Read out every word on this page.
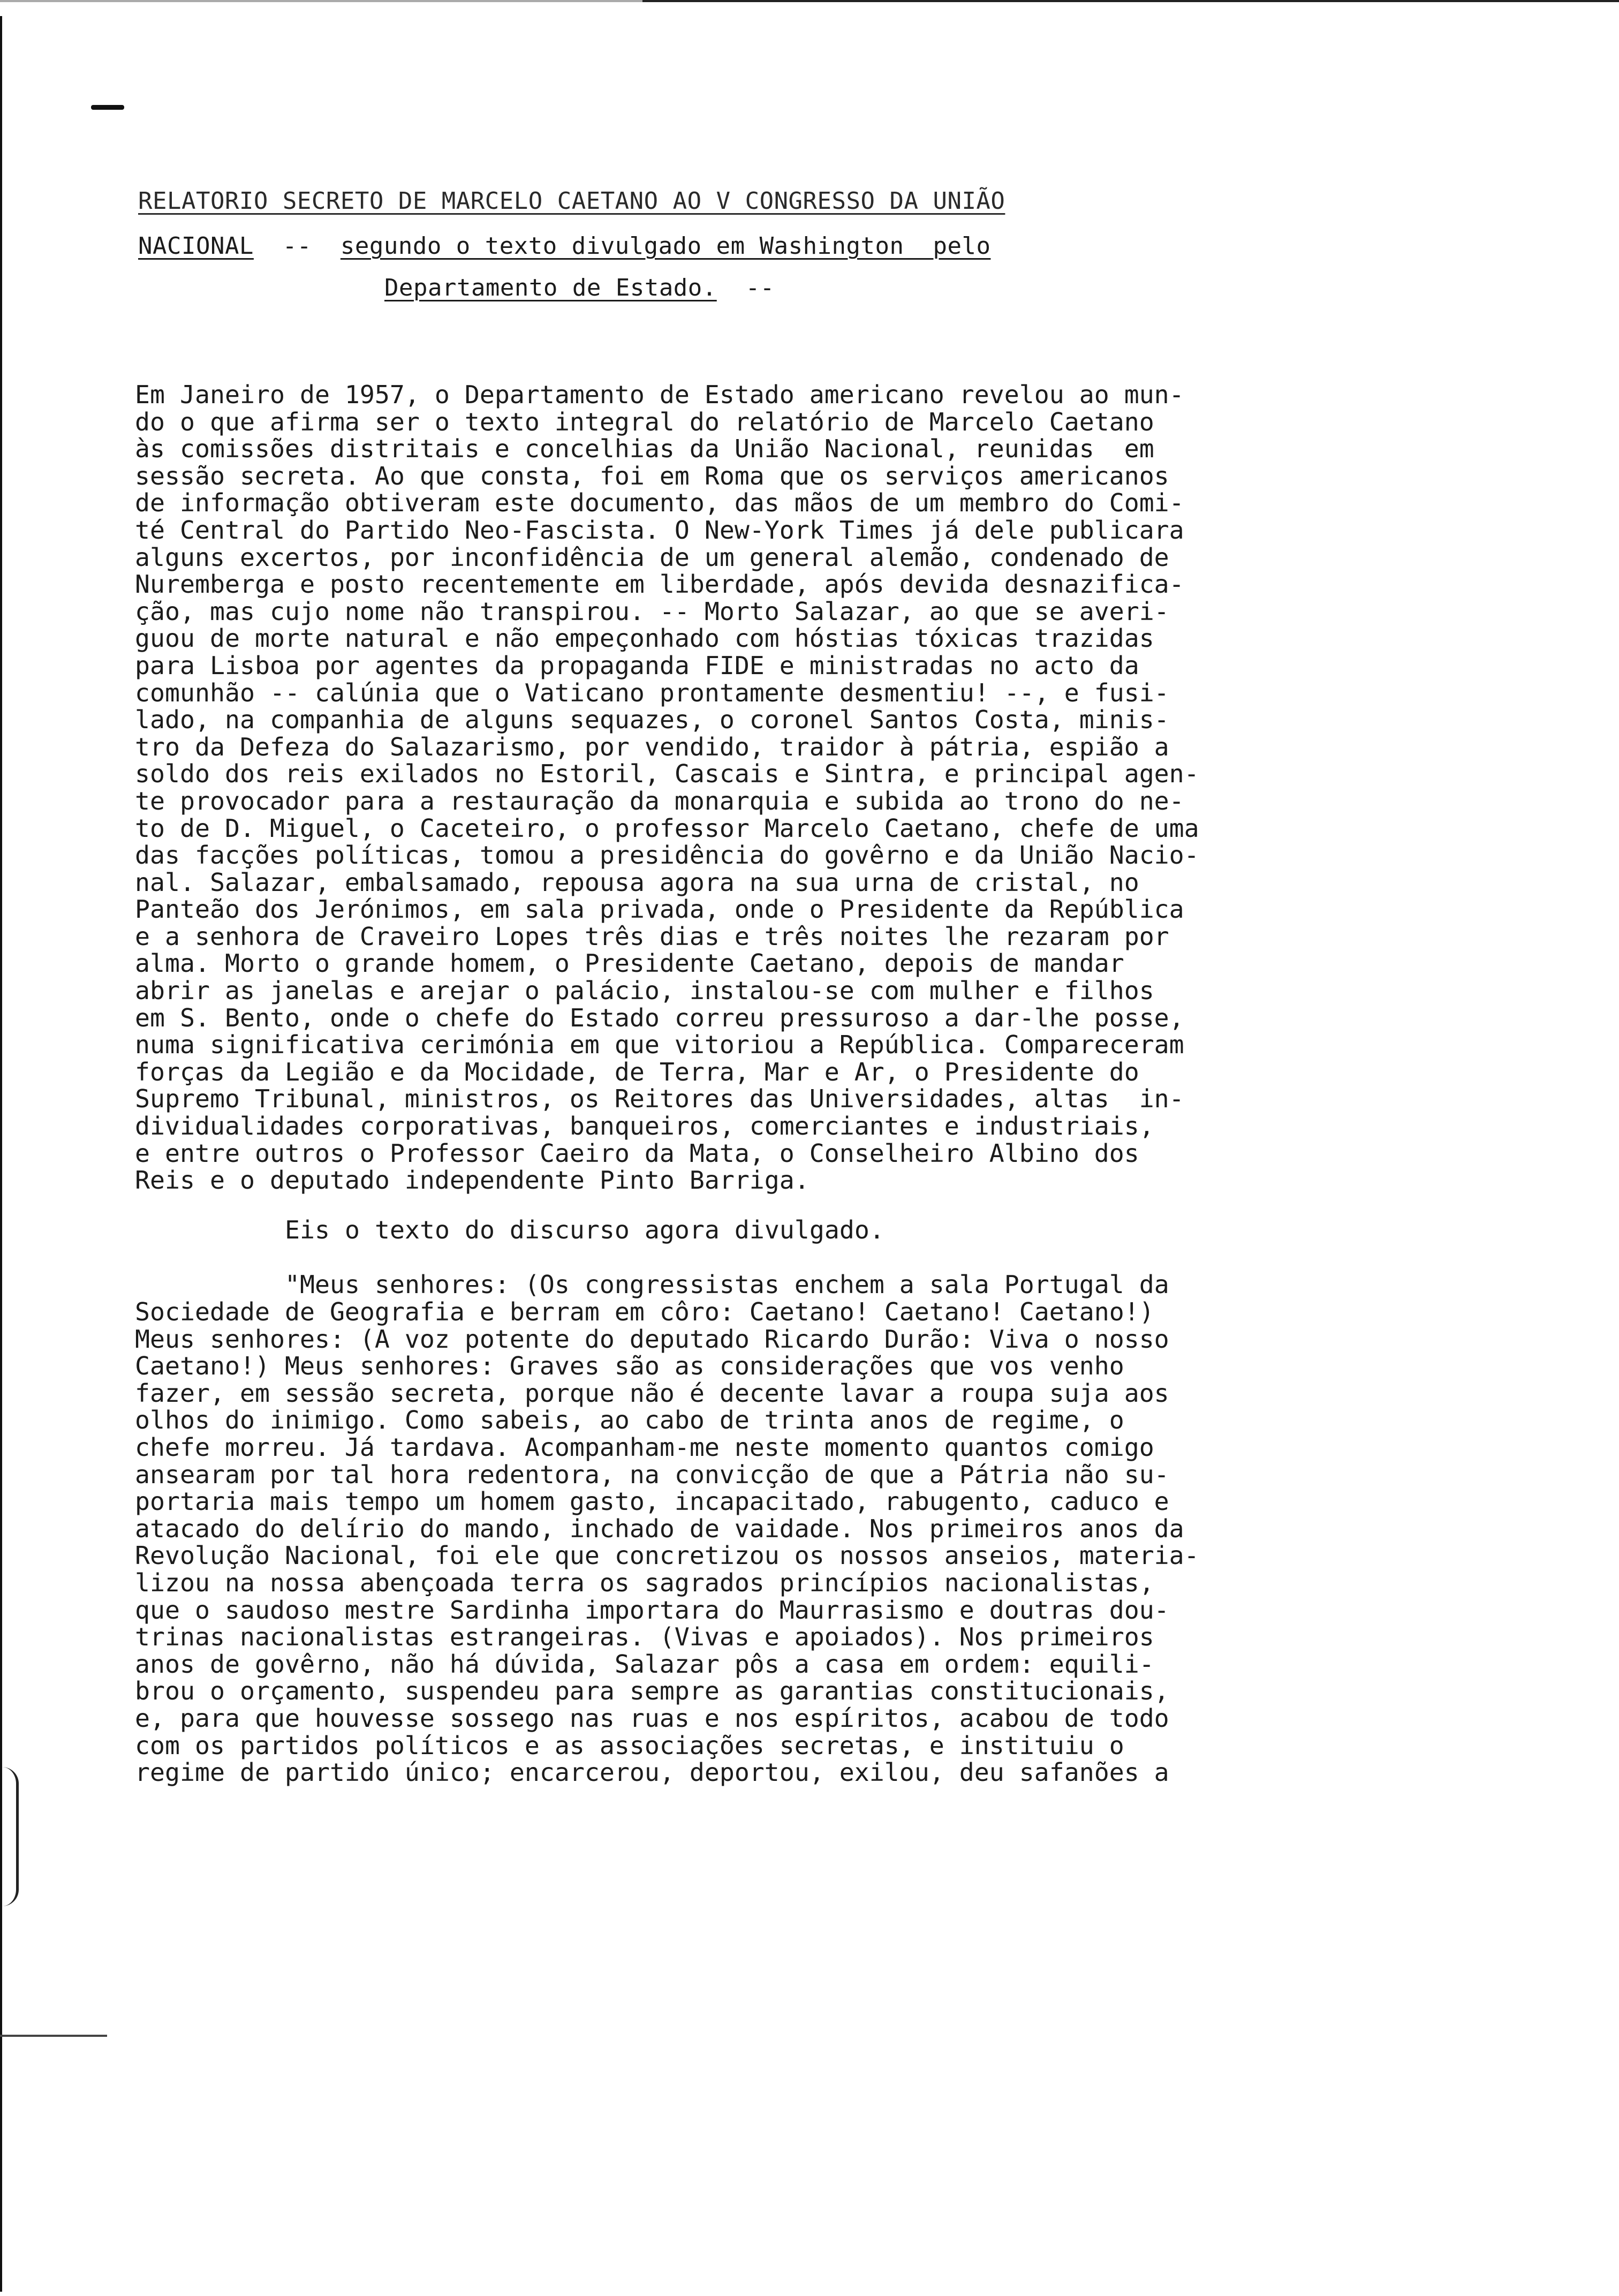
RELATORIO SECRETO DE MARCELO CAETANO AO V CONGRESSO DA UNIÃO
NACIONAL -- segundo o texto divulgado em Washington  pelo
Departamento de Estado. --
Em Janeiro de 1957, o Departamento de Estado americano revelou ao mun-
do o que afirma ser o texto integral do relatório de Marcelo Caetano
às comissões distritais e concelhias da União Nacional, reunidas  em
sessão secreta. Ao que consta, foi em Roma que os serviços americanos
de informação obtiveram este documento, das mãos de um membro do Comi-
té Central do Partido Neo-Fascista. O New-York Times já dele publicara
alguns excertos, por inconfidência de um general alemão, condenado de
Nuremberga e posto recentemente em liberdade, após devida desnazifica-
ção, mas cujo nome não transpirou. -- Morto Salazar, ao que se averi-
guou de morte natural e não empeçonhado com hóstias tóxicas trazidas
para Lisboa por agentes da propaganda FIDE e ministradas no acto da
comunhão -- calúnia que o Vaticano prontamente desmentiu! --, e fusi-
lado, na companhia de alguns sequazes, o coronel Santos Costa, minis-
tro da Defeza do Salazarismo, por vendido, traidor à pátria, espião a
soldo dos reis exilados no Estoril, Cascais e Sintra, e principal agen-
te provocador para a restauração da monarquia e subida ao trono do ne-
to de D. Miguel, o Caceteiro, o professor Marcelo Caetano, chefe de uma
das facções políticas, tomou a presidência do govêrno e da União Nacio-
nal. Salazar, embalsamado, repousa agora na sua urna de cristal, no
Panteão dos Jerónimos, em sala privada, onde o Presidente da República
e a senhora de Craveiro Lopes três dias e três noites lhe rezaram por
alma. Morto o grande homem, o Presidente Caetano, depois de mandar
abrir as janelas e arejar o palácio, instalou-se com mulher e filhos
em S. Bento, onde o chefe do Estado correu pressuroso a dar-lhe posse,
numa significativa cerimónia em que vitoriou a República. Compareceram
forças da Legião e da Mocidade, de Terra, Mar e Ar, o Presidente do
Supremo Tribunal, ministros, os Reitores das Universidades, altas  in-
dividualidades corporativas, banqueiros, comerciantes e industriais,
e entre outros o Professor Caeiro da Mata, o Conselheiro Albino dos
Reis e o deputado independente Pinto Barriga.
Eis o texto do discurso agora divulgado.
"Meus senhores: (Os congressistas enchem a sala Portugal da
Sociedade de Geografia e berram em côro: Caetano! Caetano! Caetano!)
Meus senhores: (A voz potente do deputado Ricardo Durão: Viva o nosso
Caetano!) Meus senhores: Graves são as considerações que vos venho
fazer, em sessão secreta, porque não é decente lavar a roupa suja aos
olhos do inimigo. Como sabeis, ao cabo de trinta anos de regime, o
chefe morreu. Já tardava. Acompanham-me neste momento quantos comigo
ansearam por tal hora redentora, na convicção de que a Pátria não su-
portaria mais tempo um homem gasto, incapacitado, rabugento, caduco e
atacado do delírio do mando, inchado de vaidade. Nos primeiros anos da
Revolução Nacional, foi ele que concretizou os nossos anseios, materia-
lizou na nossa abençoada terra os sagrados princípios nacionalistas,
que o saudoso mestre Sardinha importara do Maurrasismo e doutras dou-
trinas nacionalistas estrangeiras. (Vivas e apoiados). Nos primeiros
anos de govêrno, não há dúvida, Salazar pôs a casa em ordem: equili-
brou o orçamento, suspendeu para sempre as garantias constitucionais,
e, para que houvesse sossego nas ruas e nos espíritos, acabou de todo
com os partidos políticos e as associações secretas, e instituiu o
regime de partido único; encarcerou, deportou, exilou, deu safanões a
